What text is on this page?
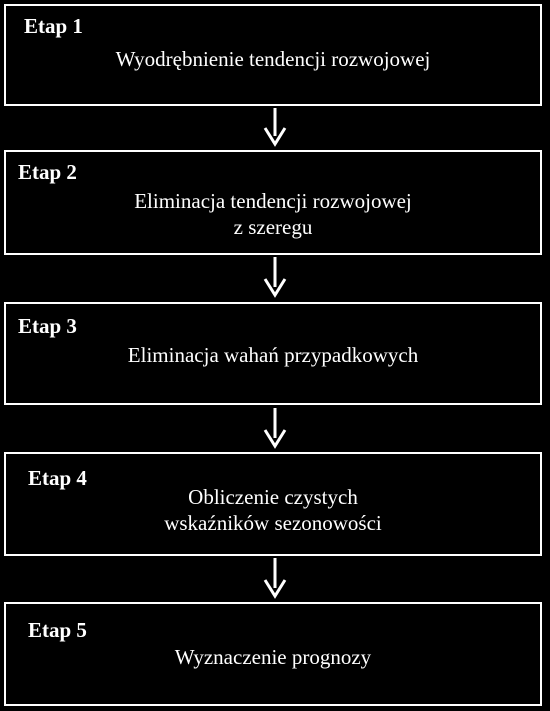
Etap 1
Wyodrębnienie tendencji rozwojowej
Etap 2
Eliminacja tendencji rozwojowej
z szeregu
Etap 3
Eliminacja wahań przypadkowych
Etap 4
Obliczenie czystych
wskaźników sezonowości
Etap 5
Wyznaczenie prognozy
